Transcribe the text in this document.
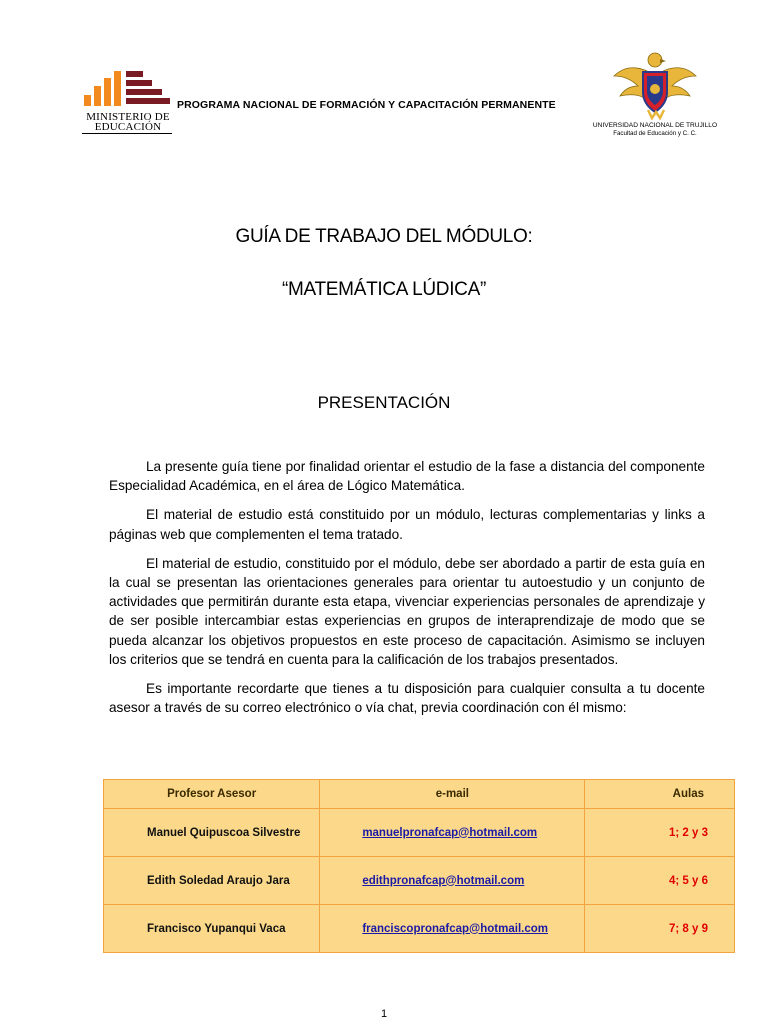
MINISTERIO DE EDUCACIÓN
PROGRAMA NACIONAL DE FORMACIÓN Y CAPACITACIÓN PERMANENTE
UNIVERSIDAD NACIONAL DE TRUJILLO
Facultad de Educación y C. C.
GUÍA DE TRABAJO DEL MÓDULO:
“MATEMÁTICA LÚDICA”
PRESENTACIÓN

La presente guía tiene por finalidad orientar el estudio de la fase a distancia del componente Especialidad Académica, en el área de Lógico Matemática.

El material de estudio está constituido por un módulo, lecturas complementarias y links a páginas web que complementen el tema tratado.

El material de estudio, constituido por el módulo, debe ser abordado a partir de esta guía en la cual se presentan las orientaciones generales para orientar tu autoestudio y un conjunto de actividades que permitirán durante esta etapa, vivenciar experiencias personales de aprendizaje y de ser posible intercambiar estas experiencias en grupos de interaprendizaje de modo que se pueda alcanzar los objetivos propuestos en este proceso de capacitación. Asimismo se incluyen los criterios que se tendrá en cuenta para la calificación de los trabajos presentados.

Es importante recordarte que tienes a tu disposición para cualquier consulta a tu docente asesor a través de su correo electrónico o vía chat, previa coordinación con él mismo:

Profesor Asesor	e-mail	Aulas
Manuel Quipuscoa Silvestre	manuelpronafcap@hotmail.com	1; 2 y 3
Edith Soledad Araujo Jara	edithpronafcap@hotmail.com	4; 5 y 6
Francisco Yupanqui Vaca	franciscopronafcap@hotmail.com	7; 8 y 9
1
